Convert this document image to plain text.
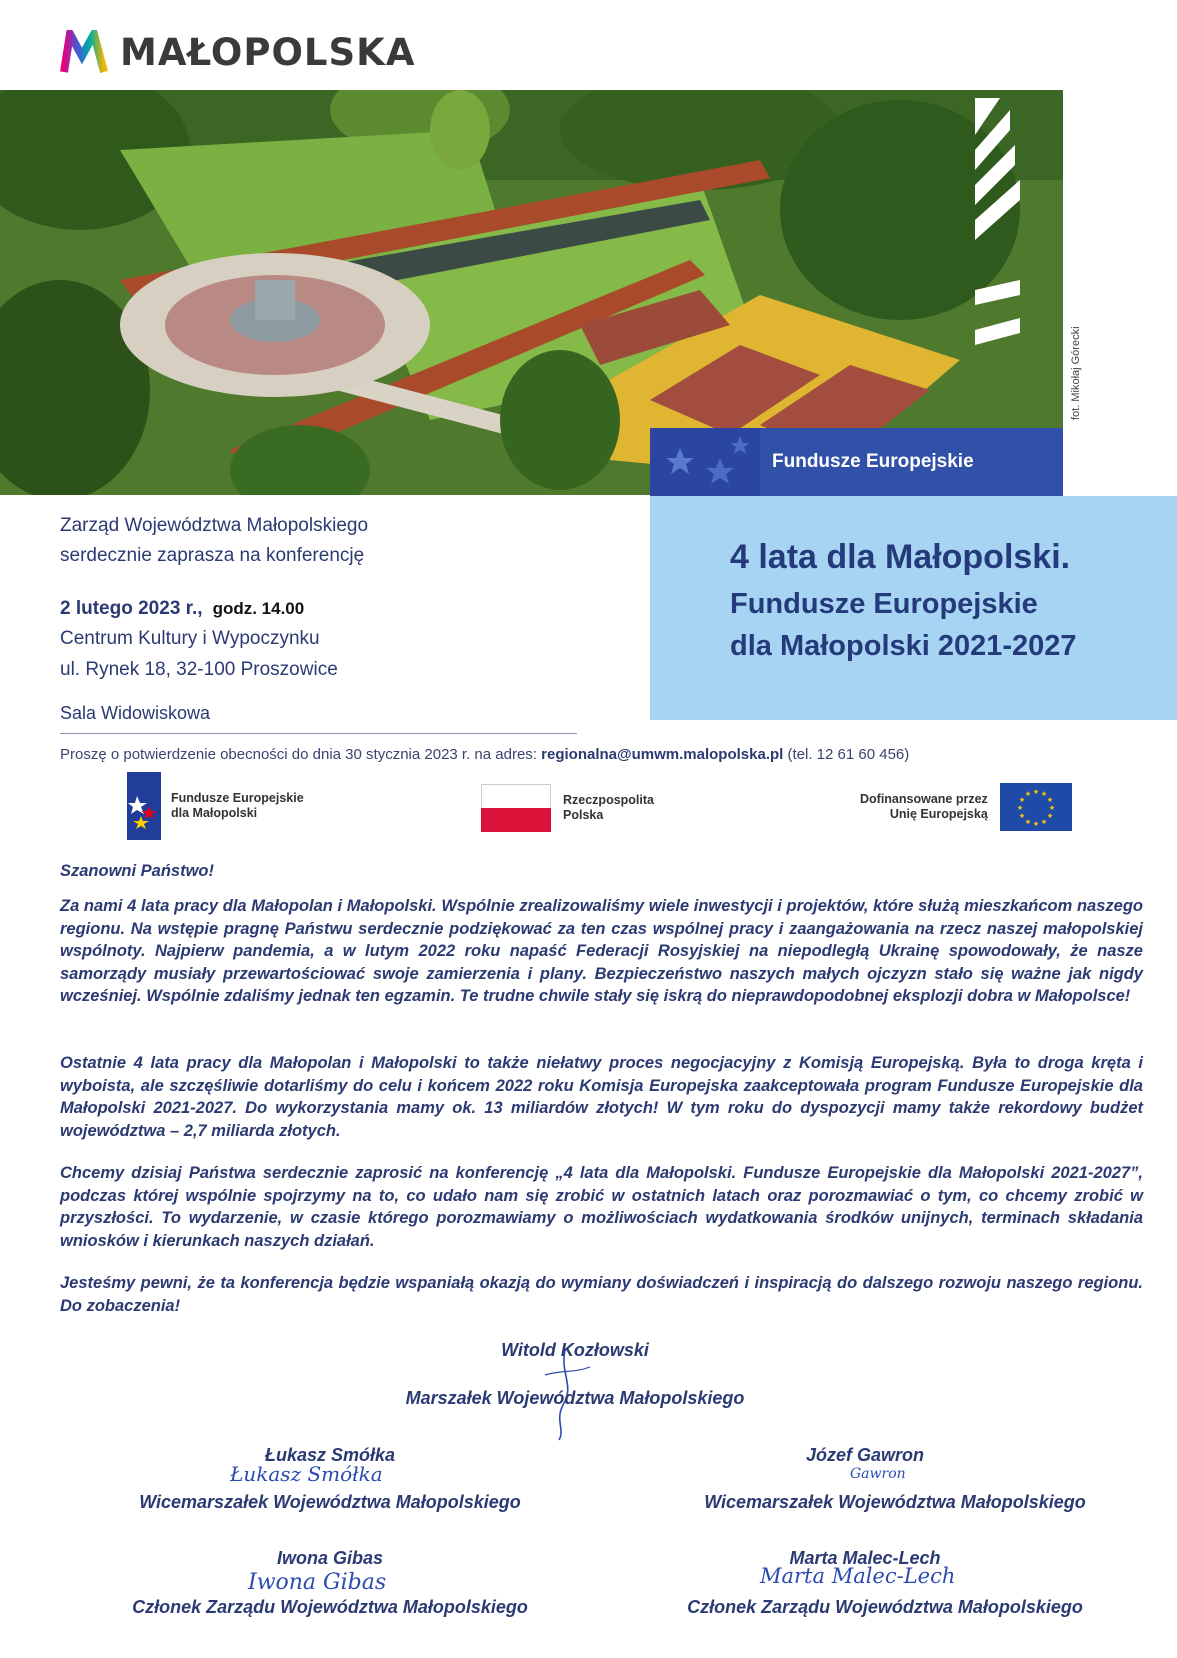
MAŁOPOLSKA
fot. Mikołaj Górecki
Fundusze Europejskie
4 lata dla Małopolski.
Fundusze Europejskie
dla Małopolski 2021-2027
Zarząd Województwa Małopolskiego
serdecznie zaprasza na konferencję
2 lutego 2023 r., godz. 14.00
Centrum Kultury i Wypoczynku
ul. Rynek 18, 32-100 Proszowice
Sala Widowiskowa
Proszę o potwierdzenie obecności do dnia 30 stycznia 2023 r. na adres: regionalna@umwm.malopolska.pl (tel. 12 61 60 456)
Fundusze Europejskie
dla Małopolski
Rzeczpospolita
Polska
Dofinansowane przez
Unię Europejską
★ ★
★
★
★
★
★
★
★
★
★
★
Szanowni Państwo!
Za nami 4 lata pracy dla Małopolan i Małopolski. Wspólnie zrealizowaliśmy wiele inwestycji i projektów, które służą mieszkańcom naszego regionu. Na wstępie pragnę Państwu serdecznie podziękować za ten czas wspólnej pracy i zaangażowania na rzecz naszej małopolskiej wspólnoty. Najpierw pandemia, a w lutym 2022 roku napaść Federacji Rosyjskiej na niepodległą Ukrainę spowodowały, że nasze samorządy musiały przewartościować swoje zamierzenia i plany. Bezpieczeństwo naszych małych ojczyzn stało się ważne jak nigdy wcześniej. Wspólnie zdaliśmy jednak ten egzamin. Te trudne chwile stały się iskrą do nieprawdopodobnej eksplozji dobra w Małopolsce!
Ostatnie 4 lata pracy dla Małopolan i Małopolski to także niełatwy proces negocjacyjny z Komisją Europejską. Była to droga kręta i wyboista, ale szczęśliwie dotarliśmy do celu i końcem 2022 roku Komisja Europejska zaakceptowała program Fundusze Europejskie dla Małopolski 2021-2027. Do wykorzystania mamy ok. 13 miliardów złotych! W tym roku do dyspozycji mamy także rekordowy budżet województwa – 2,7 miliarda złotych.
Chcemy dzisiaj Państwa serdecznie zaprosić na konferencję „4 lata dla Małopolski. Fundusze Europejskie dla Małopolski 2021-2027”, podczas której wspólnie spojrzymy na to, co udało nam się zrobić w ostatnich latach oraz porozmawiać o tym, co chcemy zrobić w przyszłości. To wydarzenie, w czasie którego porozmawiamy o możliwościach wydatkowania środków unijnych, terminach składania wniosków i kierunkach naszych działań.
Jesteśmy pewni, że ta konferencja będzie wspaniałą okazją do wymiany doświadczeń i inspiracją do dalszego rozwoju naszego regionu. Do zobaczenia!
Witold Kozłowski
Marszałek Województwa Małopolskiego
Łukasz Smółka
Łukasz Smółka
Wicemarszałek Województwa Małopolskiego
Józef Gawron
Gawron
Wicemarszałek Województwa Małopolskiego
Iwona Gibas
Iwona Gibas
Członek Zarządu Województwa Małopolskiego
Marta Malec-Lech
Marta Malec-Lech
Członek Zarządu Województwa Małopolskiego
